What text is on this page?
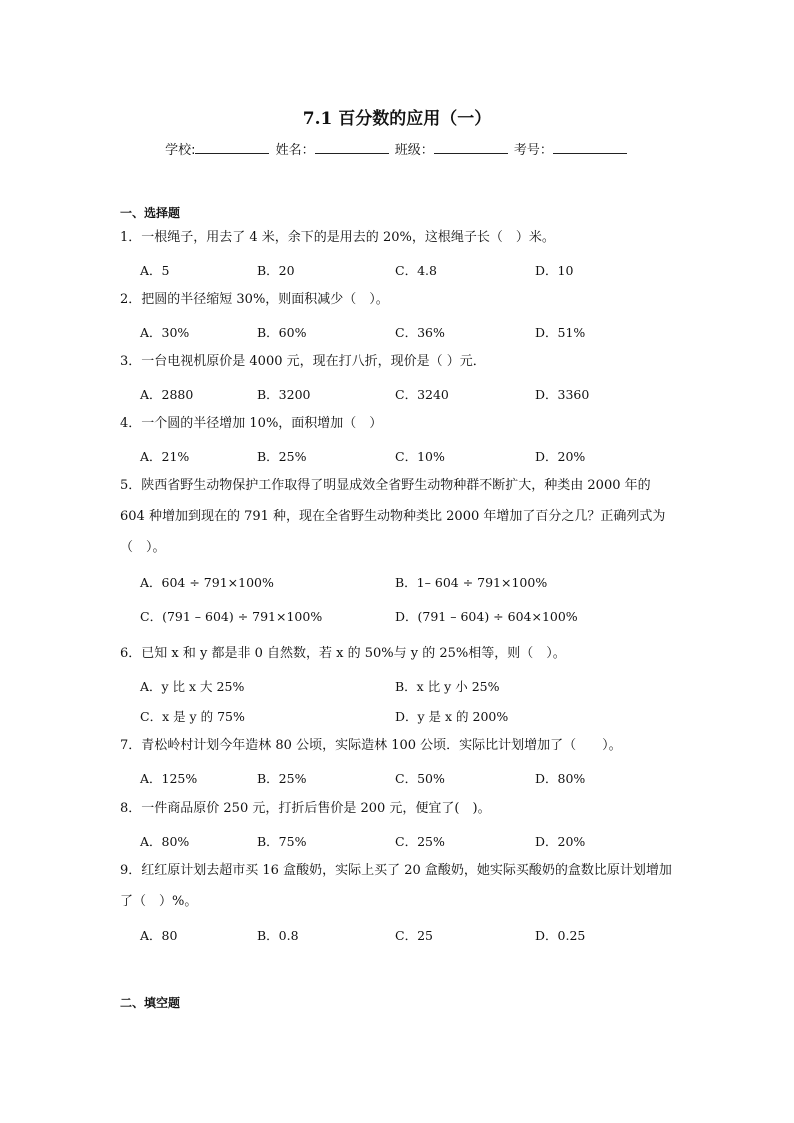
7.1 百分数的应用（一）
学校:	姓名：	班级：	考号：
一、选择题
1．一根绳子，用去了 4 米，余下的是用去的 20%，这根绳子长（　）米。
A．5	B．20	C．4.8	D．10
2．把圆的半径缩短 30%，则面积减少（　）。
A．30%	B．60%	C．36%	D．51%
3．一台电视机原价是 4000 元，现在打八折，现价是（ ）元．
A．2880	B．3200	C．3240	D．3360
4．一个圆的半径增加 10%，面积增加（　）
A．21%	B．25%	C．10%	D．20%
5．陕西省野生动物保护工作取得了明显成效全省野生动物种群不断扩大，种类由 2000 年的 604 种增加到现在的 791 种，现在全省野生动物种类比 2000 年增加了百分之几？正确列式为（　）。
A．604 ÷ 791×100%	B．1– 604 ÷ 791×100%
C．(791 – 604) ÷ 791×100%	D．(791 – 604) ÷ 604×100%
6．已知 x 和 y 都是非 0 自然数，若 x 的 50%与 y 的 25%相等，则（　）。
A．y 比 x 大 25%	B．x 比 y 小 25%
C．x 是 y 的 75%	D．y 是 x 的 200%
7．青松岭村计划今年造林 80 公顷，实际造林 100 公顷．实际比计划增加了（　　）。
A．125%	B．25%	C．50%	D．80%
8．一件商品原价 250 元，打折后售价是 200 元，便宜了(　)。
A．80%	B．75%	C．25%	D．20%
9．红红原计划去超市买 16 盒酸奶，实际上买了 20 盒酸奶，她实际买酸奶的盒数比原计划增加了（　）%。
A．80	B．0.8	C．25	D．0.25
二、填空题
